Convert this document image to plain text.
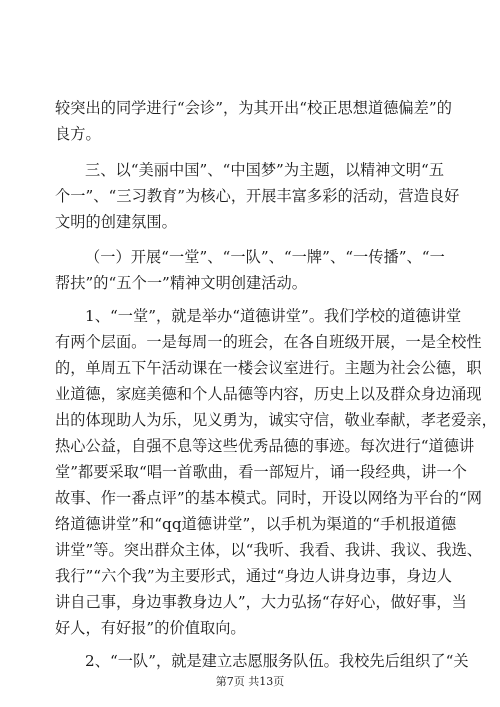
较突出的同学进行“会诊”，为其开出“校正思想道德偏差”的
良方。
三、以“美丽中国”、“中国梦”为主题，以精神文明“五
个一”、“三习教育”为核心，开展丰富多彩的活动，营造良好
文明的创建氛围。
（一）开展“一堂”、“一队”、“一牌”、“一传播”、“一
帮扶”的“五个一”精神文明创建活动。
1、“一堂”，就是举办“道德讲堂”。我们学校的道德讲堂
有两个层面。一是每周一的班会，在各自班级开展，一是全校性
的，单周五下午活动课在一楼会议室进行。主题为社会公德，职
业道德，家庭美德和个人品德等内容，历史上以及群众身边涌现
出的体现助人为乐，见义勇为，诚实守信，敬业奉献，孝老爱亲，
热心公益，自强不息等这些优秀品德的事迹。每次进行“道德讲
堂”都要采取“唱一首歌曲，看一部短片，诵一段经典，讲一个
故事、作一番点评”的基本模式。同时，开设以网络为平台的“网
络道德讲堂”和“qq道德讲堂”，以手机为渠道的“手机报道德
讲堂”等。突出群众主体，以“我听、我看、我讲、我议、我选、
我行”“六个我”为主要形式，通过“身边人讲身边事，身边人
讲自己事，身边事教身边人”，大力弘扬“存好心，做好事，当
好人，有好报”的价值取向。
2、“一队”，就是建立志愿服务队伍。我校先后组织了“关
第7页 共13页
